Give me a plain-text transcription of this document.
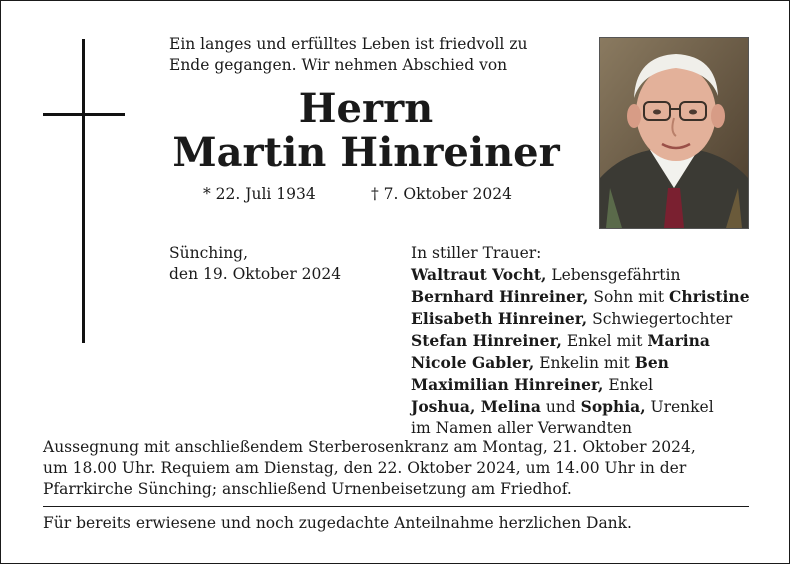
Ein langes und erfülltes Leben ist friedvoll zu
Ende gegangen. Wir nehmen Abschied von
Herrn
Martin Hinreiner
* 22. Juli 1934	† 7. Oktober 2024
Sünching,
den 19. Oktober 2024
In stiller Trauer:
Waltraut Vocht, Lebensgefährtin
Bernhard Hinreiner, Sohn mit Christine
Elisabeth Hinreiner, Schwiegertochter
Stefan Hinreiner, Enkel mit Marina
Nicole Gabler, Enkelin mit Ben
Maximilian Hinreiner, Enkel
Joshua, Melina und Sophia, Urenkel
im Namen aller Verwandten
Aussegnung mit anschließendem Sterberosenkranz am Montag, 21. Oktober 2024,
um 18.00 Uhr. Requiem am Dienstag, den 22. Oktober 2024, um 14.00 Uhr in der
Pfarrkirche Sünching; anschließend Urnenbeisetzung am Friedhof.
Für bereits erwiesene und noch zugedachte Anteilnahme herzlichen Dank.
